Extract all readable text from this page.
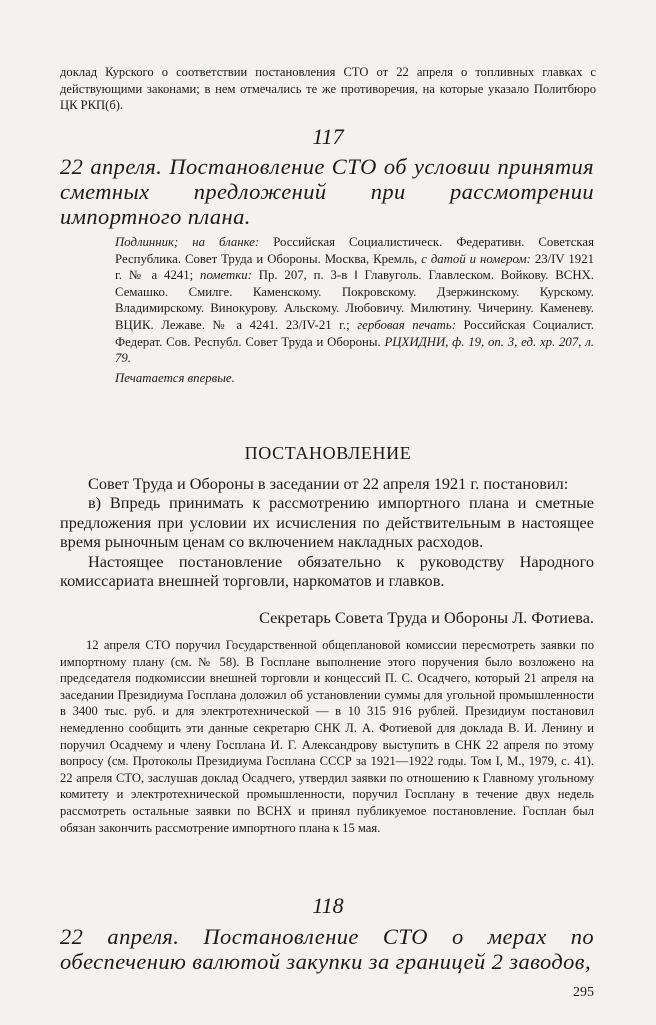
доклад Курского о соответствии постановления СТО от 22 апреля о топливных главках с действующими законами; в нем отмечались те же противоречия, на которые указало Политбюро ЦК РКП(б).
117
22 апреля. Постановление СТО об условии принятия сметных предложений при рассмотрении импортного плана.
Подлинник; на бланке: Российская Социалистическ. Федеративн. Советская Республика. Совет Труда и Обороны. Москва, Кремль, с датой и номером: 23/IV 1921 г. № а 4241; пометки: Пр. 207, п. 3-в ‖ Главуголь. Главлеском. Войкову. ВСНХ. Семашко. Смилге. Каменскому. Покровскому. Дзержинскому. Курскому. Владимирскому. Винокурову. Альскому. Любовичу. Милютину. Чичерину. Каменеву. ВЦИК. Лежаве. № а 4241. 23/IV-21 г.; гербовая печать: Российская Социалист. Федерат. Сов. Республ. Совет Труда и Обороны. РЦХИДНИ, ф. 19, оп. 3, ед. хр. 207, л. 79.
Печатается впервые.
ПОСТАНОВЛЕНИЕ

Совет Труда и Обороны в заседании от 22 апреля 1921 г. постановил:

в) Впредь принимать к рассмотрению импортного плана и сметные предложения при условии их исчисления по действительным в настоящее время рыночным ценам со включением накладных расходов.

Настоящее постановление обязательно к руководству Народного комиссариата внешней торговли, наркоматов и главков.

Секретарь Совета Труда и Обороны Л. Фотиева.

12 апреля СТО поручил Государственной общеплановой комиссии пересмотреть заявки по импортному плану (см. № 58). В Госплане выполнение этого поручения было возложено на председателя подкомиссии внешней торговли и концессий П. С. Осадчего, который 21 апреля на заседании Президиума Госплана доложил об установлении суммы для угольной промышленности в 3400 тыс. руб. и для электротехнической — в 10 315 916 рублей. Президиум постановил немедленно сообщить эти данные секретарю СНК Л. А. Фотиевой для доклада В. И. Ленину и поручил Осадчему и члену Госплана И. Г. Александрову выступить в СНК 22 апреля по этому вопросу (см. Протоколы Президиума Госплана СССР за 1921—1922 годы. Том I, М., 1979, с. 41). 22 апреля СТО, заслушав доклад Осадчего, утвердил заявки по отношению к Главному угольному комитету и электротехнической промышленности, поручил Госплану в течение двух недель рассмотреть остальные заявки по ВСНХ и принял публикуемое постановление. Госплан был обязан закончить рассмотрение импортного плана к 15 мая.

118
22 апреля. Постановление СТО о мерах по обеспечению валютой закупки за границей 2 заводов,
295
